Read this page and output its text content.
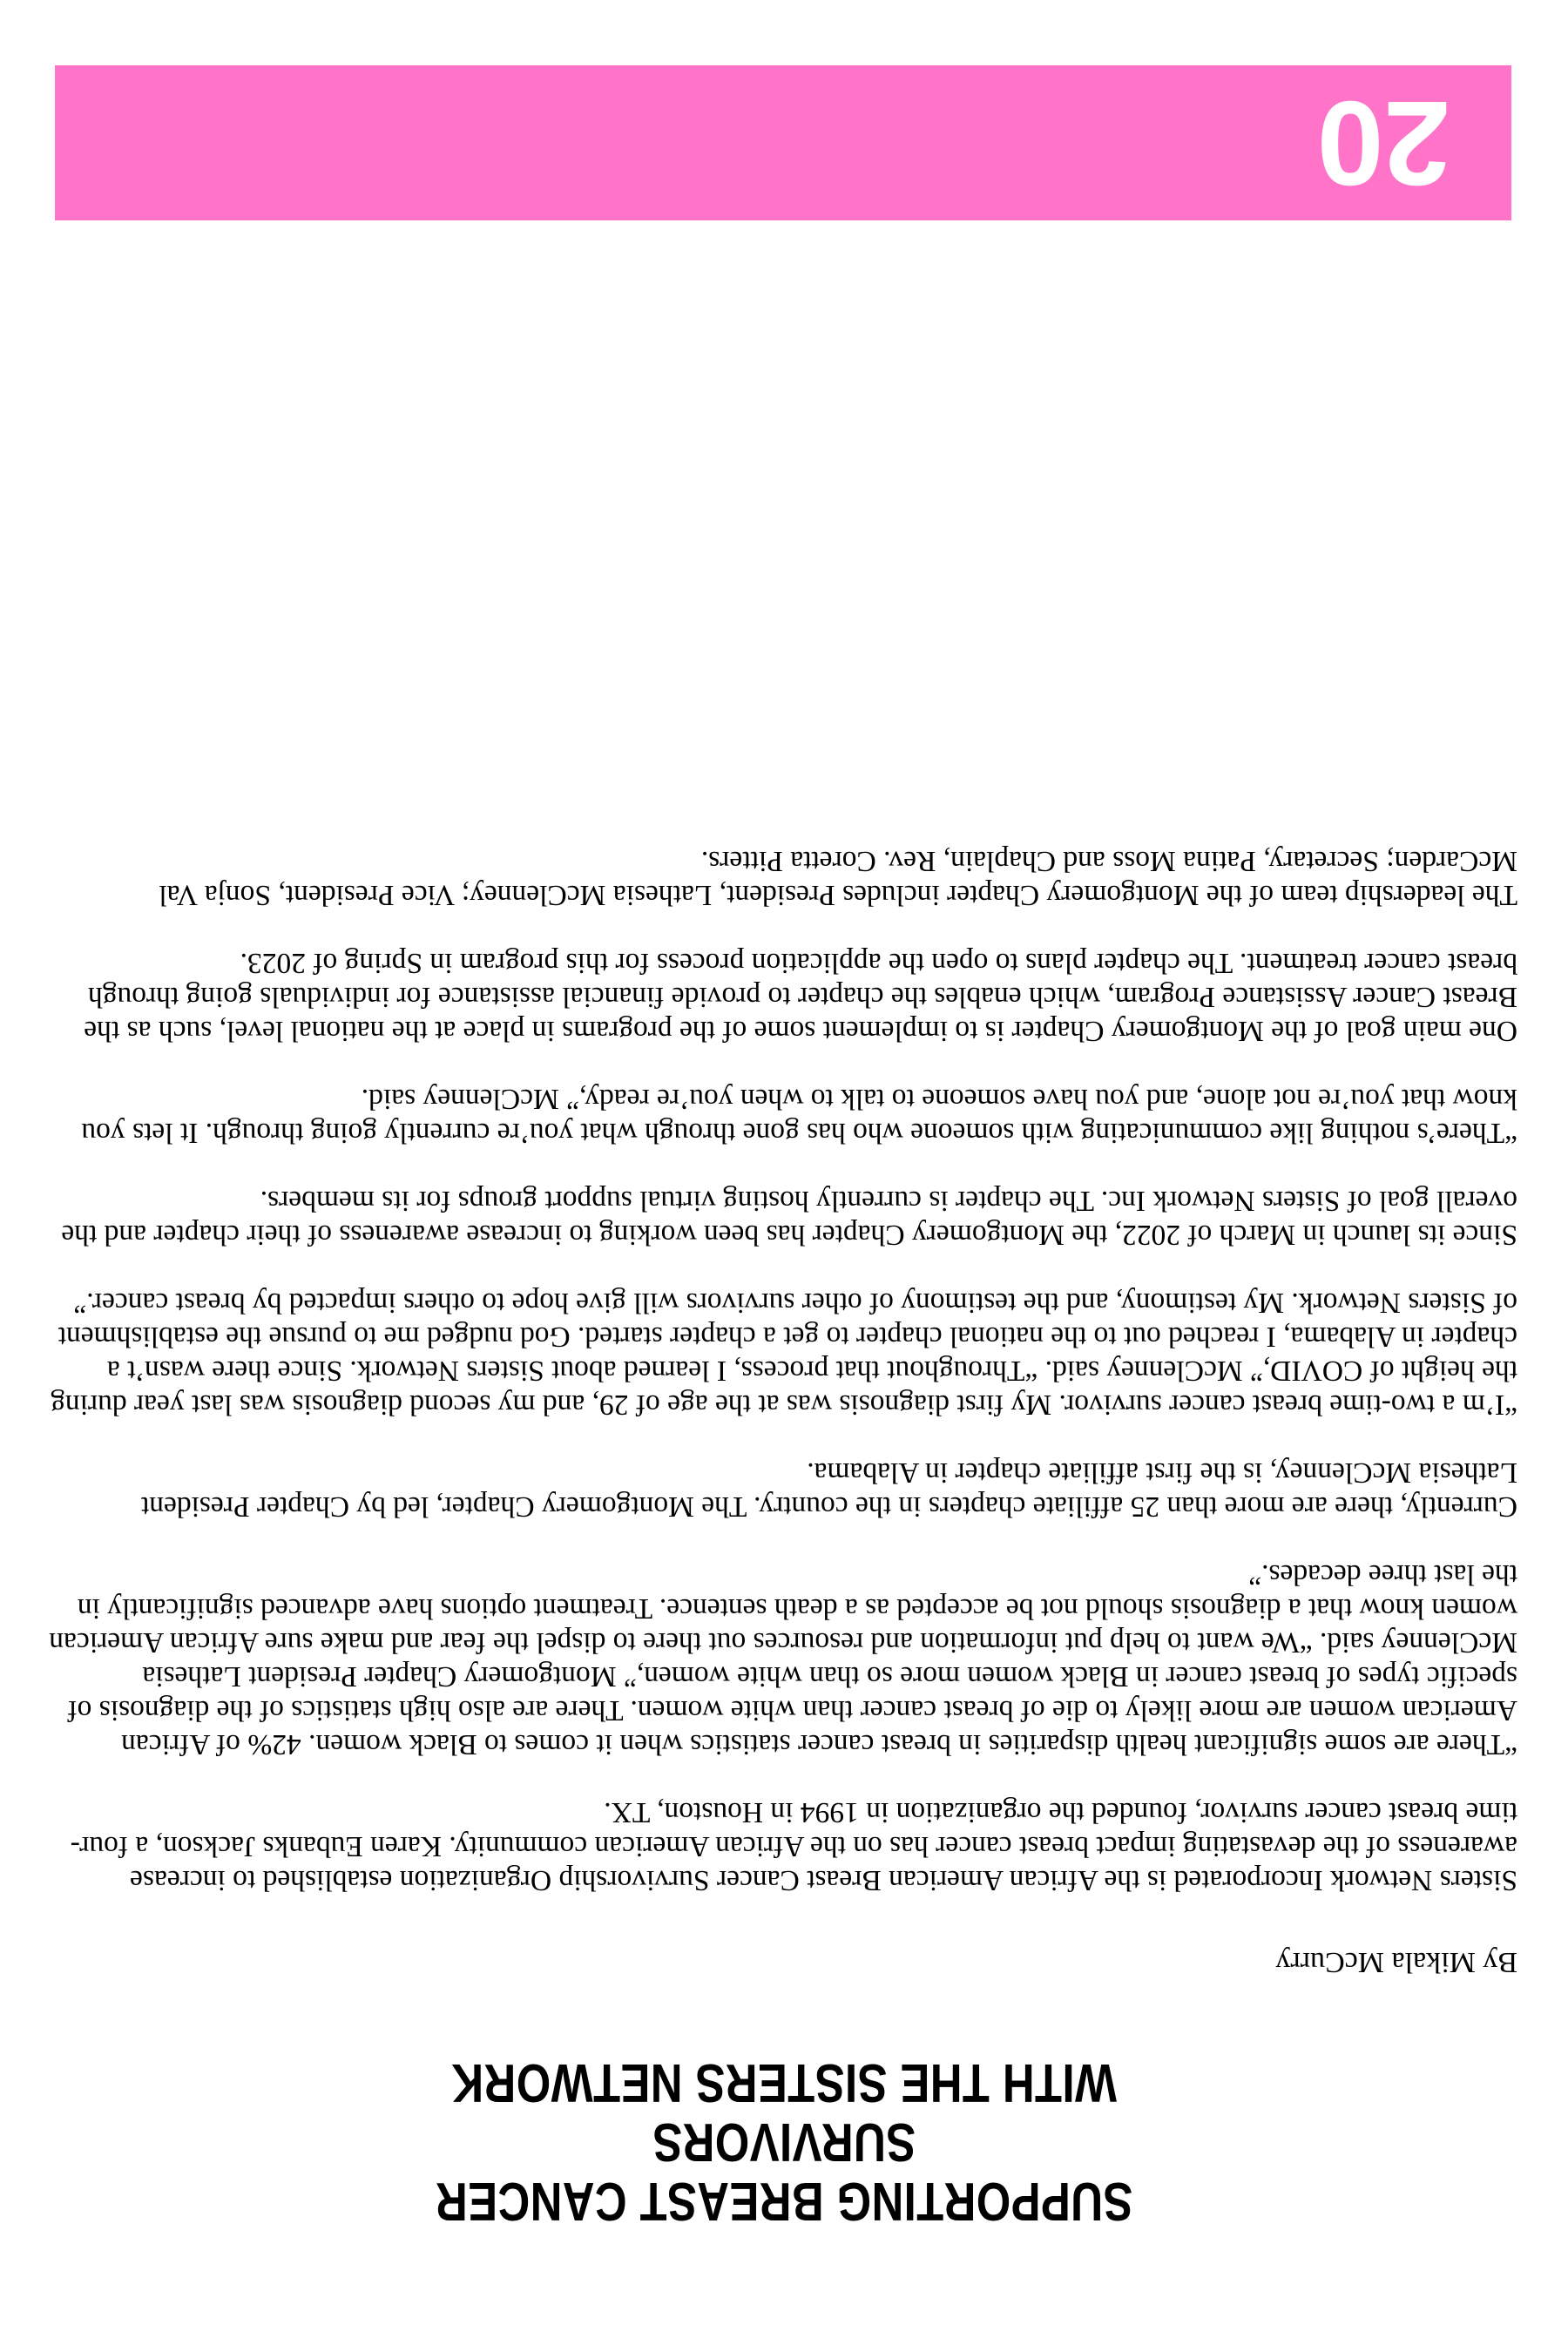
SUPPORTING BREAST CANCER SURVIVORS
WITH THE SISTERS NETWORK

By Mikala McCurry

Sisters Network Incorporated is the African American Breast Cancer Survivorship Organization established to increase awareness of the devastating impact breast cancer has on the African American community. Karen Eubanks Jackson, a four-time breast cancer survivor, founded the organization in 1994 in Houston, TX.

“There are some significant health disparities in breast cancer statistics when it comes to Black women. 42% of African American women are more likely to die of breast cancer than white women. There are also high statistics of the diagnosis of specific types of breast cancer in Black women more so than white women,” Montgomery Chapter President Lathesia McClenney said. “We want to help put information and resources out there to dispel the fear and make sure African American women know that a diagnosis should not be accepted as a death sentence. Treatment options have advanced significantly in the last three decades.”

Currently, there are more than 25 affiliate chapters in the country. The Montgomery Chapter, led by Chapter President Lathesia McClenney, is the first affiliate chapter in Alabama.

“I’m a two-time breast cancer survivor. My first diagnosis was at the age of 29, and my second diagnosis was last year during the height of COVID,” McClenney said. “Throughout that process, I learned about Sisters Network. Since there wasn’t a chapter in Alabama, I reached out to the national chapter to get a chapter started. God nudged me to pursue the establishment of Sisters Network. My testimony, and the testimony of other survivors will give hope to others impacted by breast cancer.”

Since its launch in March of 2022, the Montgomery Chapter has been working to increase awareness of their chapter and the overall goal of Sisters Network Inc. The chapter is currently hosting virtual support groups for its members.

“There’s nothing like communicating with someone who has gone through what you’re currently going through. It lets you know that you’re not alone, and you have someone to talk to when you’re ready,” McClenney said.

One main goal of the Montgomery Chapter is to implement some of the programs in place at the national level, such as the Breast Cancer Assistance Program, which enables the chapter to provide financial assistance for individuals going through breast cancer treatment. The chapter plans to open the application process for this program in Spring of 2023.

The leadership team of the Montgomery Chapter includes President, Lathesia McClenney; Vice President, Sonja Val McCarden; Secretary, Patina Moss and Chaplain, Rev. Coretta Pitters.

20
